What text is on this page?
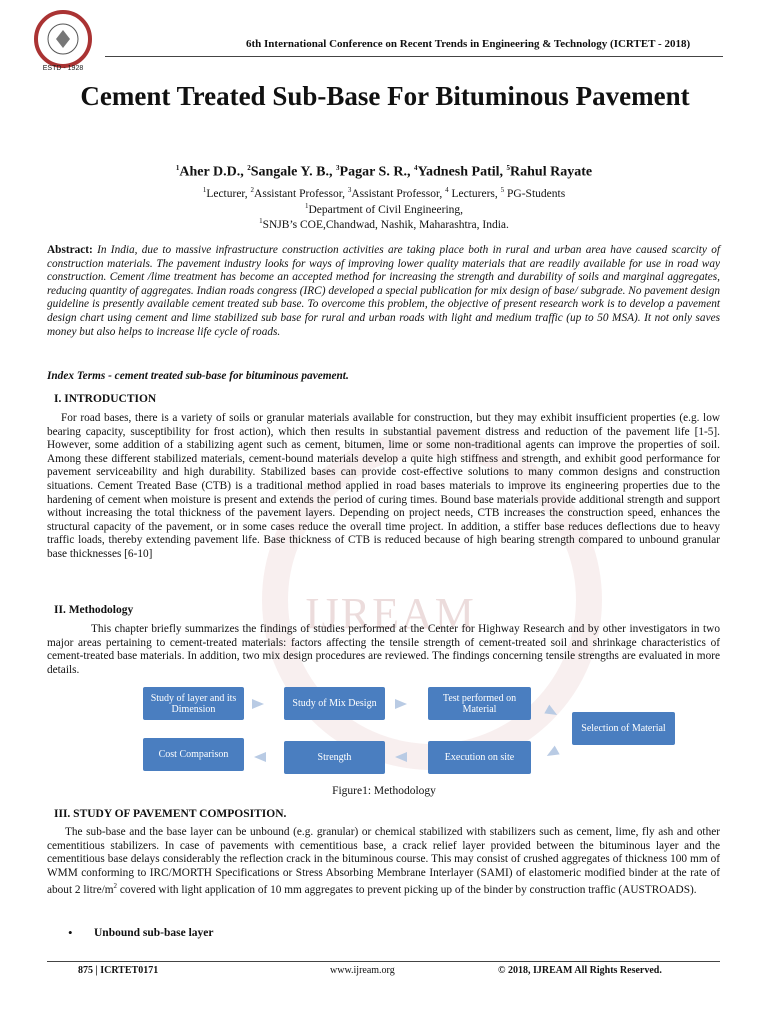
IJREAM
ESTD - 1928
6th International Conference on Recent Trends in Engineering & Technology (ICRTET - 2018)
Cement Treated Sub-Base For Bituminous Pavement
$^1$Aher D.D., $^2$Sangale Y. B., $^3$Pagar S. R., $^4$Yadnesh Patil, $^5$Rahul Rayate
$^1$Lecturer, $^2$Assistant Professor, $^3$Assistant Professor, $^4$ Lecturers, $^5$ PG-Students
$^1$Department of Civil Engineering,
$^1$SNJB’s COE,Chandwad, Nashik, Maharashtra, India.
Abstract: In India, due to massive infrastructure construction activities are taking place both in rural and urban area have caused scarcity of construction materials. The pavement industry looks for ways of improving lower quality materials that are readily available for use in road way construction. Cement /lime treatment has become an accepted method for increasing the strength and durability of soils and marginal aggregates, reducing quantity of aggregates. Indian roads congress (IRC) developed a special publication for mix design of base/ subgrade. No pavement design guideline is presently available cement treated sub base. To overcome this problem, the objective of present research work is to develop a pavement design chart using cement and lime stabilized sub base for rural and urban roads with light and medium traffic (up to 50 MSA). It not only saves money but also helps to increase life cycle of roads.
Index Terms - cement treated sub-base for bituminous pavement.
I. INTRODUCTION
For road bases, there is a variety of soils or granular materials available for construction, but they may exhibit insufficient properties (e.g. low bearing capacity, susceptibility for frost action), which then results in substantial pavement distress and reduction of the pavement life [1-5]. However, some addition of a stabilizing agent such as cement, bitumen, lime or some non-traditional agents can improve the properties of soil. Among these different stabilized materials, cement-bound materials develop a quite high stiffness and strength, and exhibit good performance for pavement serviceability and high durability. Stabilized bases can provide cost-effective solutions to many common designs and construction situations. Cement Treated Base (CTB) is a traditional method applied in road bases materials to improve its engineering properties due to the hardening of cement when moisture is present and extends the period of curing times. Bound base materials provide additional strength and support without increasing the total thickness of the pavement layers. Depending on project needs, CTB increases the construction speed, enhances the structural capacity of the pavement, or in some cases reduce the overall time project. In addition, a stiffer base reduces deflections due to heavy traffic loads, thereby extending pavement life. Base thickness of CTB is reduced because of high bearing strength compared to unbound granular base thicknesses [6-10]
II. Methodology
This chapter briefly summarizes the findings of studies performed at the Center for Highway Research and by other investigators in two major areas pertaining to cement-treated materials: factors affecting the tensile strength of cement-treated soil and shrinkage characteristics of cement-treated base materials. In addition, two mix design procedures are reviewed. The findings concerning tensile strengths are evaluated in more details.
Study of layer and its Dimension	Study of Mix Design	Test performed on Material
Selection of Material
Execution on site
Strength
Cost Comparison
Figure1: Methodology
III. STUDY OF PAVEMENT COMPOSITION.
The sub-base and the base layer can be unbound (e.g. granular) or chemical stabilized with stabilizers such as cement, lime, fly ash and other cementitious stabilizers. In case of pavements with cementitious base, a crack relief layer provided between the bituminous layer and the cementitious base delays considerably the reflection crack in the bituminous course. This may consist of crushed aggregates of thickness 100 mm of WMM conforming to IRC/MORTH Specifications or Stress Absorbing Membrane Interlayer (SAMI) of elastomeric modified binder at the rate of about 2 litre/$m^2$ covered with light application of 10 mm aggregates to prevent picking up of the binder by construction traffic (AUSTROADS).
• Unbound sub-base layer
875 | ICRTET0171	www.ijream.org	© 2018, IJREAM All Rights Reserved.
